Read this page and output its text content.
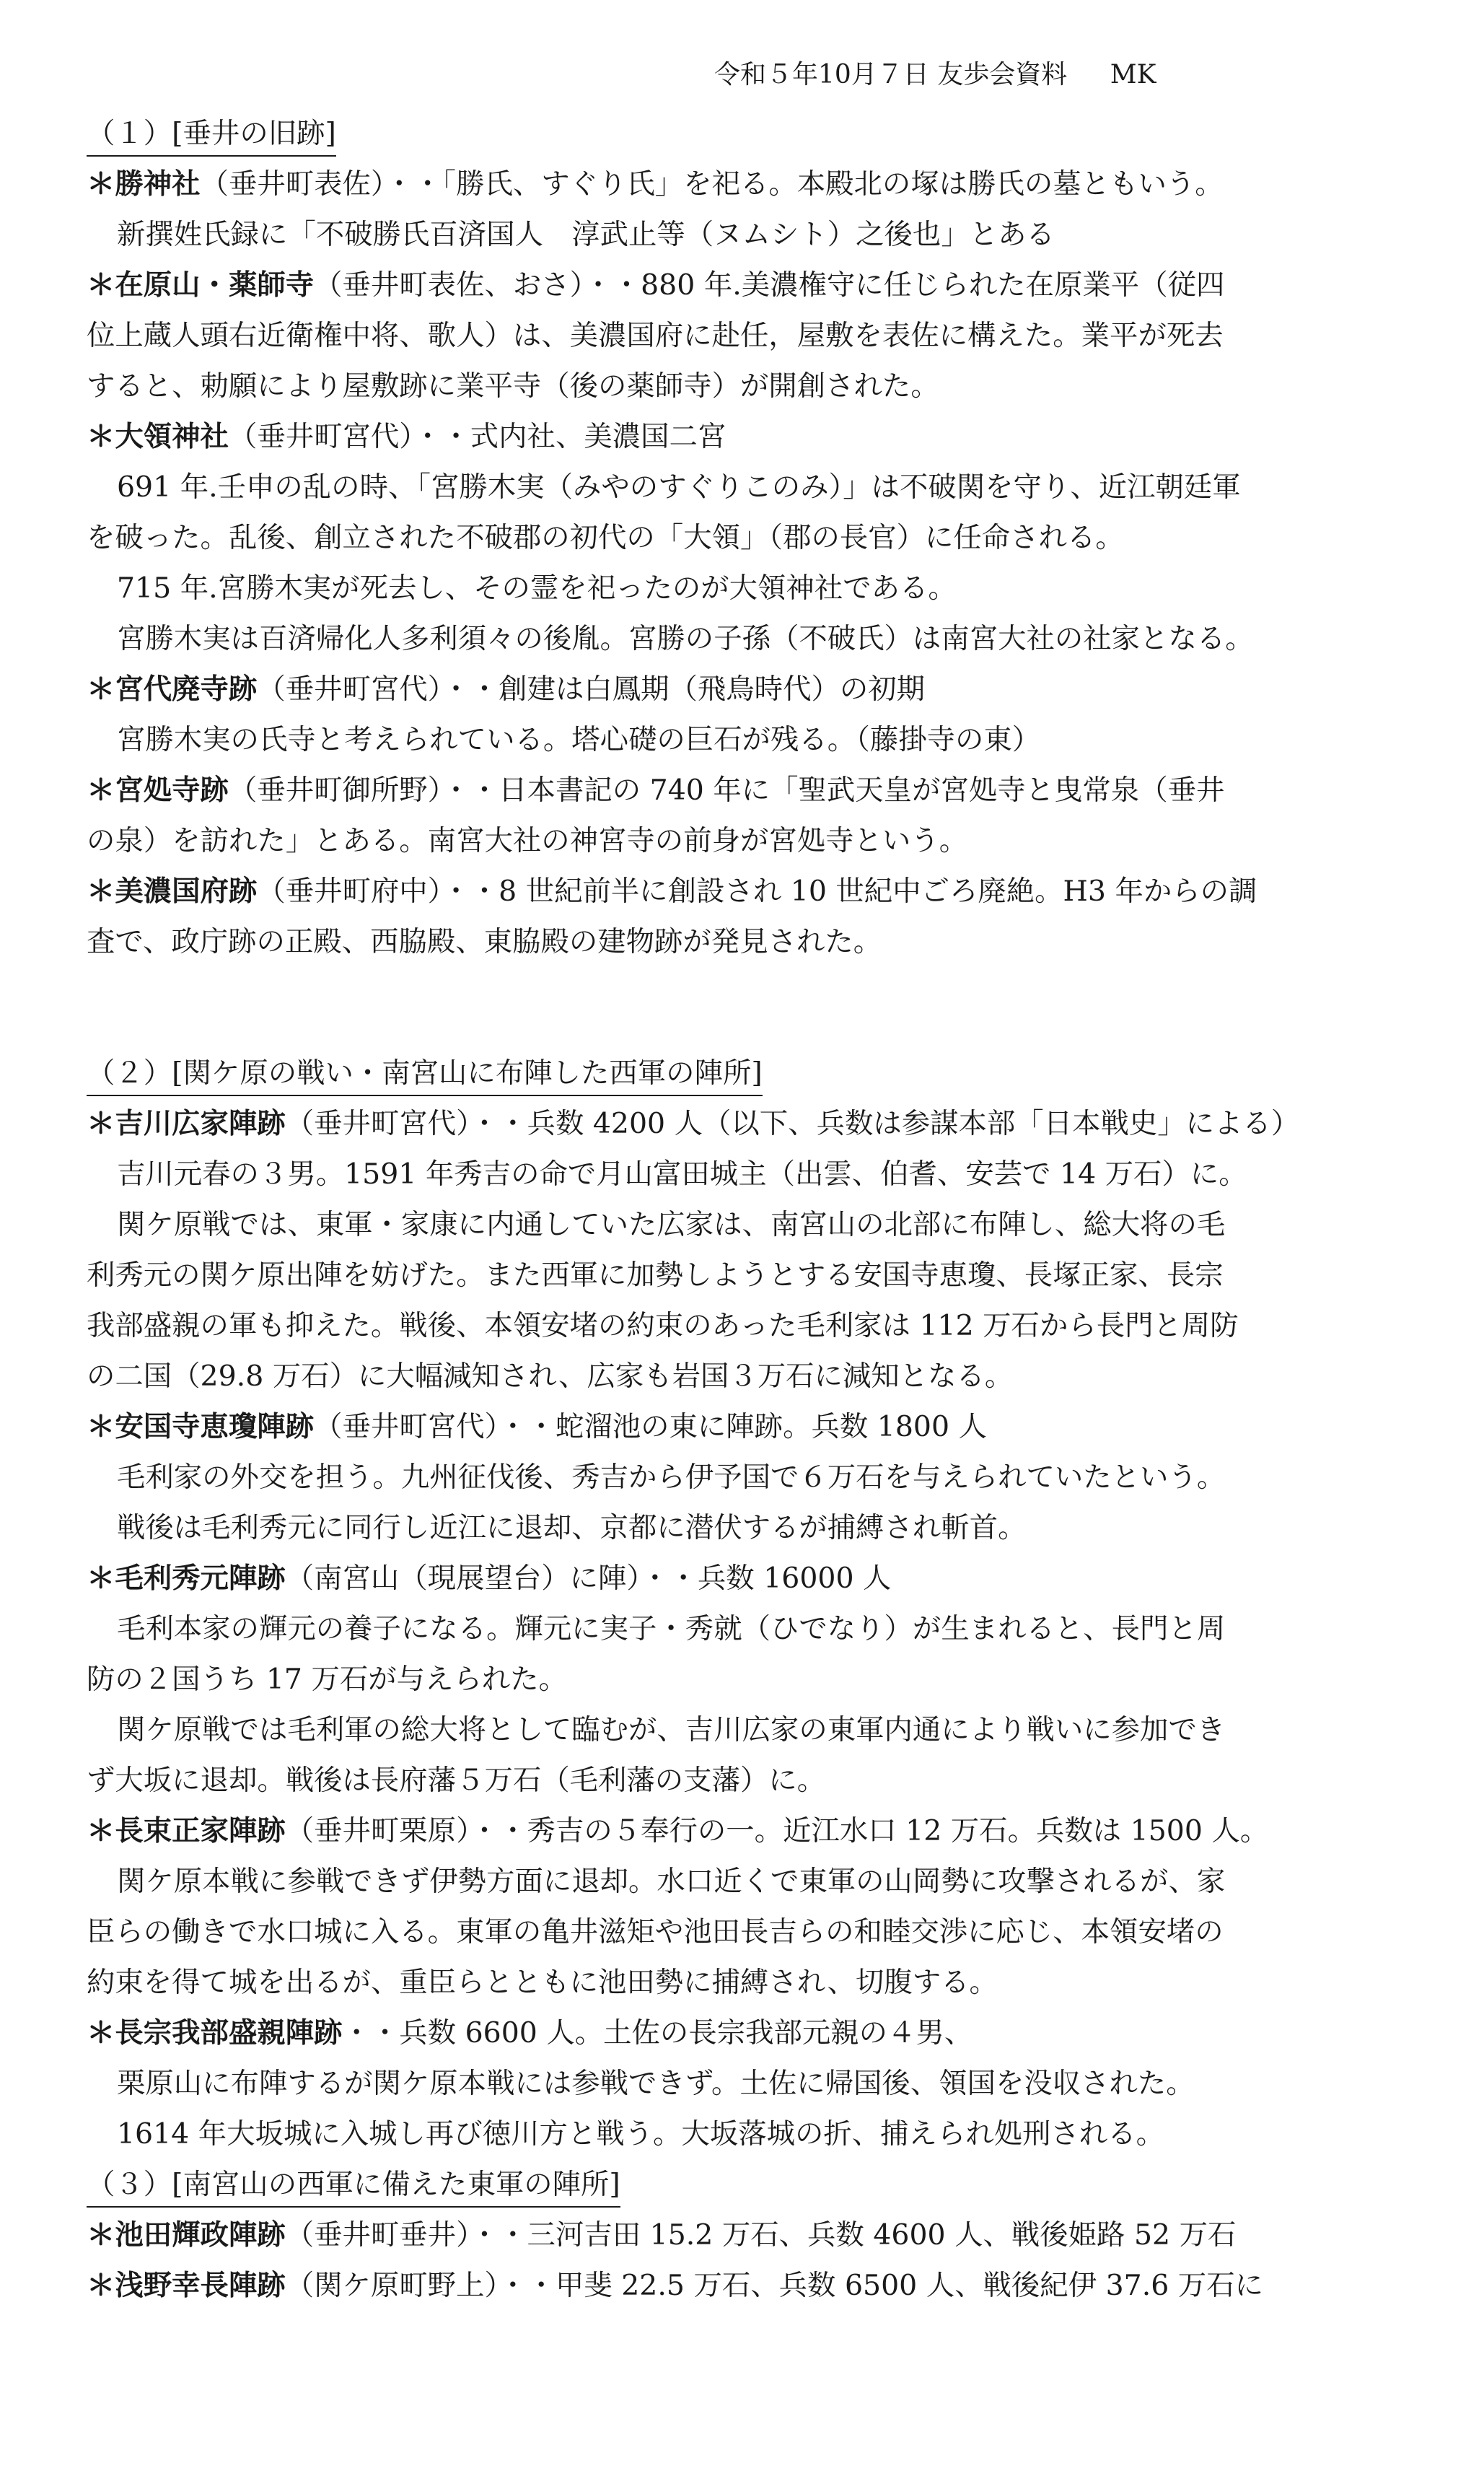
令和５年10月７日 友歩会資料 MK
（１）[垂井の旧跡]
＊勝神社（垂井町表佐）・・「勝氏、すぐり氏」を祀る。本殿北の塚は勝氏の墓ともいう。
新撰姓氏録に「不破勝氏百済国人　淳武止等（ヌムシト）之後也」とある
＊在原山・薬師寺（垂井町表佐、おさ）・・880 年.美濃権守に任じられた在原業平（従四
位上蔵人頭右近衛権中将、歌人）は、美濃国府に赴任，屋敷を表佐に構えた。業平が死去
すると、勅願により屋敷跡に業平寺（後の薬師寺）が開創された。
＊大領神社（垂井町宮代）・・式内社、美濃国二宮
691 年.壬申の乱の時、「宮勝木実（みやのすぐりこのみ）」は不破関を守り、近江朝廷軍
を破った。乱後、創立された不破郡の初代の「大領」（郡の長官）に任命される。
715 年.宮勝木実が死去し、その霊を祀ったのが大領神社である。
宮勝木実は百済帰化人多利須々の後胤。宮勝の子孫（不破氏）は南宮大社の社家となる。
＊宮代廃寺跡（垂井町宮代）・・創建は白鳳期（飛鳥時代）の初期
宮勝木実の氏寺と考えられている。塔心礎の巨石が残る。（藤掛寺の東）
＊宮処寺跡（垂井町御所野）・・日本書記の 740 年に「聖武天皇が宮処寺と曳常泉（垂井
の泉）を訪れた」とある。南宮大社の神宮寺の前身が宮処寺という。
＊美濃国府跡（垂井町府中）・・8 世紀前半に創設され 10 世紀中ごろ廃絶。H3 年からの調
査で、政庁跡の正殿、西脇殿、東脇殿の建物跡が発見された。
（２）[関ケ原の戦い・南宮山に布陣した西軍の陣所]
＊吉川広家陣跡（垂井町宮代）・・兵数 4200 人（以下、兵数は参謀本部「日本戦史」による）
吉川元春の３男。1591 年秀吉の命で月山富田城主（出雲、伯耆、安芸で 14 万石）に。
関ケ原戦では、東軍・家康に内通していた広家は、南宮山の北部に布陣し、総大将の毛
利秀元の関ケ原出陣を妨げた。また西軍に加勢しようとする安国寺恵瓊、長塚正家、長宗
我部盛親の軍も抑えた。戦後、本領安堵の約束のあった毛利家は 112 万石から長門と周防
の二国（29.8 万石）に大幅減知され、広家も岩国３万石に減知となる。
＊安国寺恵瓊陣跡（垂井町宮代）・・蛇溜池の東に陣跡。兵数 1800 人
毛利家の外交を担う。九州征伐後、秀吉から伊予国で６万石を与えられていたという。
戦後は毛利秀元に同行し近江に退却、京都に潜伏するが捕縛され斬首。
＊毛利秀元陣跡（南宮山（現展望台）に陣）・・兵数 16000 人
毛利本家の輝元の養子になる。輝元に実子・秀就（ひでなり）が生まれると、長門と周
防の２国うち 17 万石が与えられた。
関ケ原戦では毛利軍の総大将として臨むが、吉川広家の東軍内通により戦いに参加でき
ず大坂に退却。戦後は長府藩５万石（毛利藩の支藩）に。
＊長束正家陣跡（垂井町栗原）・・秀吉の５奉行の一。近江水口 12 万石。兵数は 1500 人。
関ケ原本戦に参戦できず伊勢方面に退却。水口近くで東軍の山岡勢に攻撃されるが、家
臣らの働きで水口城に入る。東軍の亀井滋矩や池田長吉らの和睦交渉に応じ、本領安堵の
約束を得て城を出るが、重臣らとともに池田勢に捕縛され、切腹する。
＊長宗我部盛親陣跡・・兵数 6600 人。土佐の長宗我部元親の４男、
栗原山に布陣するが関ケ原本戦には参戦できず。土佐に帰国後、領国を没収された。
1614 年大坂城に入城し再び徳川方と戦う。大坂落城の折、捕えられ処刑される。
（３）[南宮山の西軍に備えた東軍の陣所]
＊池田輝政陣跡（垂井町垂井）・・三河吉田 15.2 万石、兵数 4600 人、戦後姫路 52 万石
＊浅野幸長陣跡（関ケ原町野上）・・甲斐 22.5 万石、兵数 6500 人、戦後紀伊 37.6 万石に
